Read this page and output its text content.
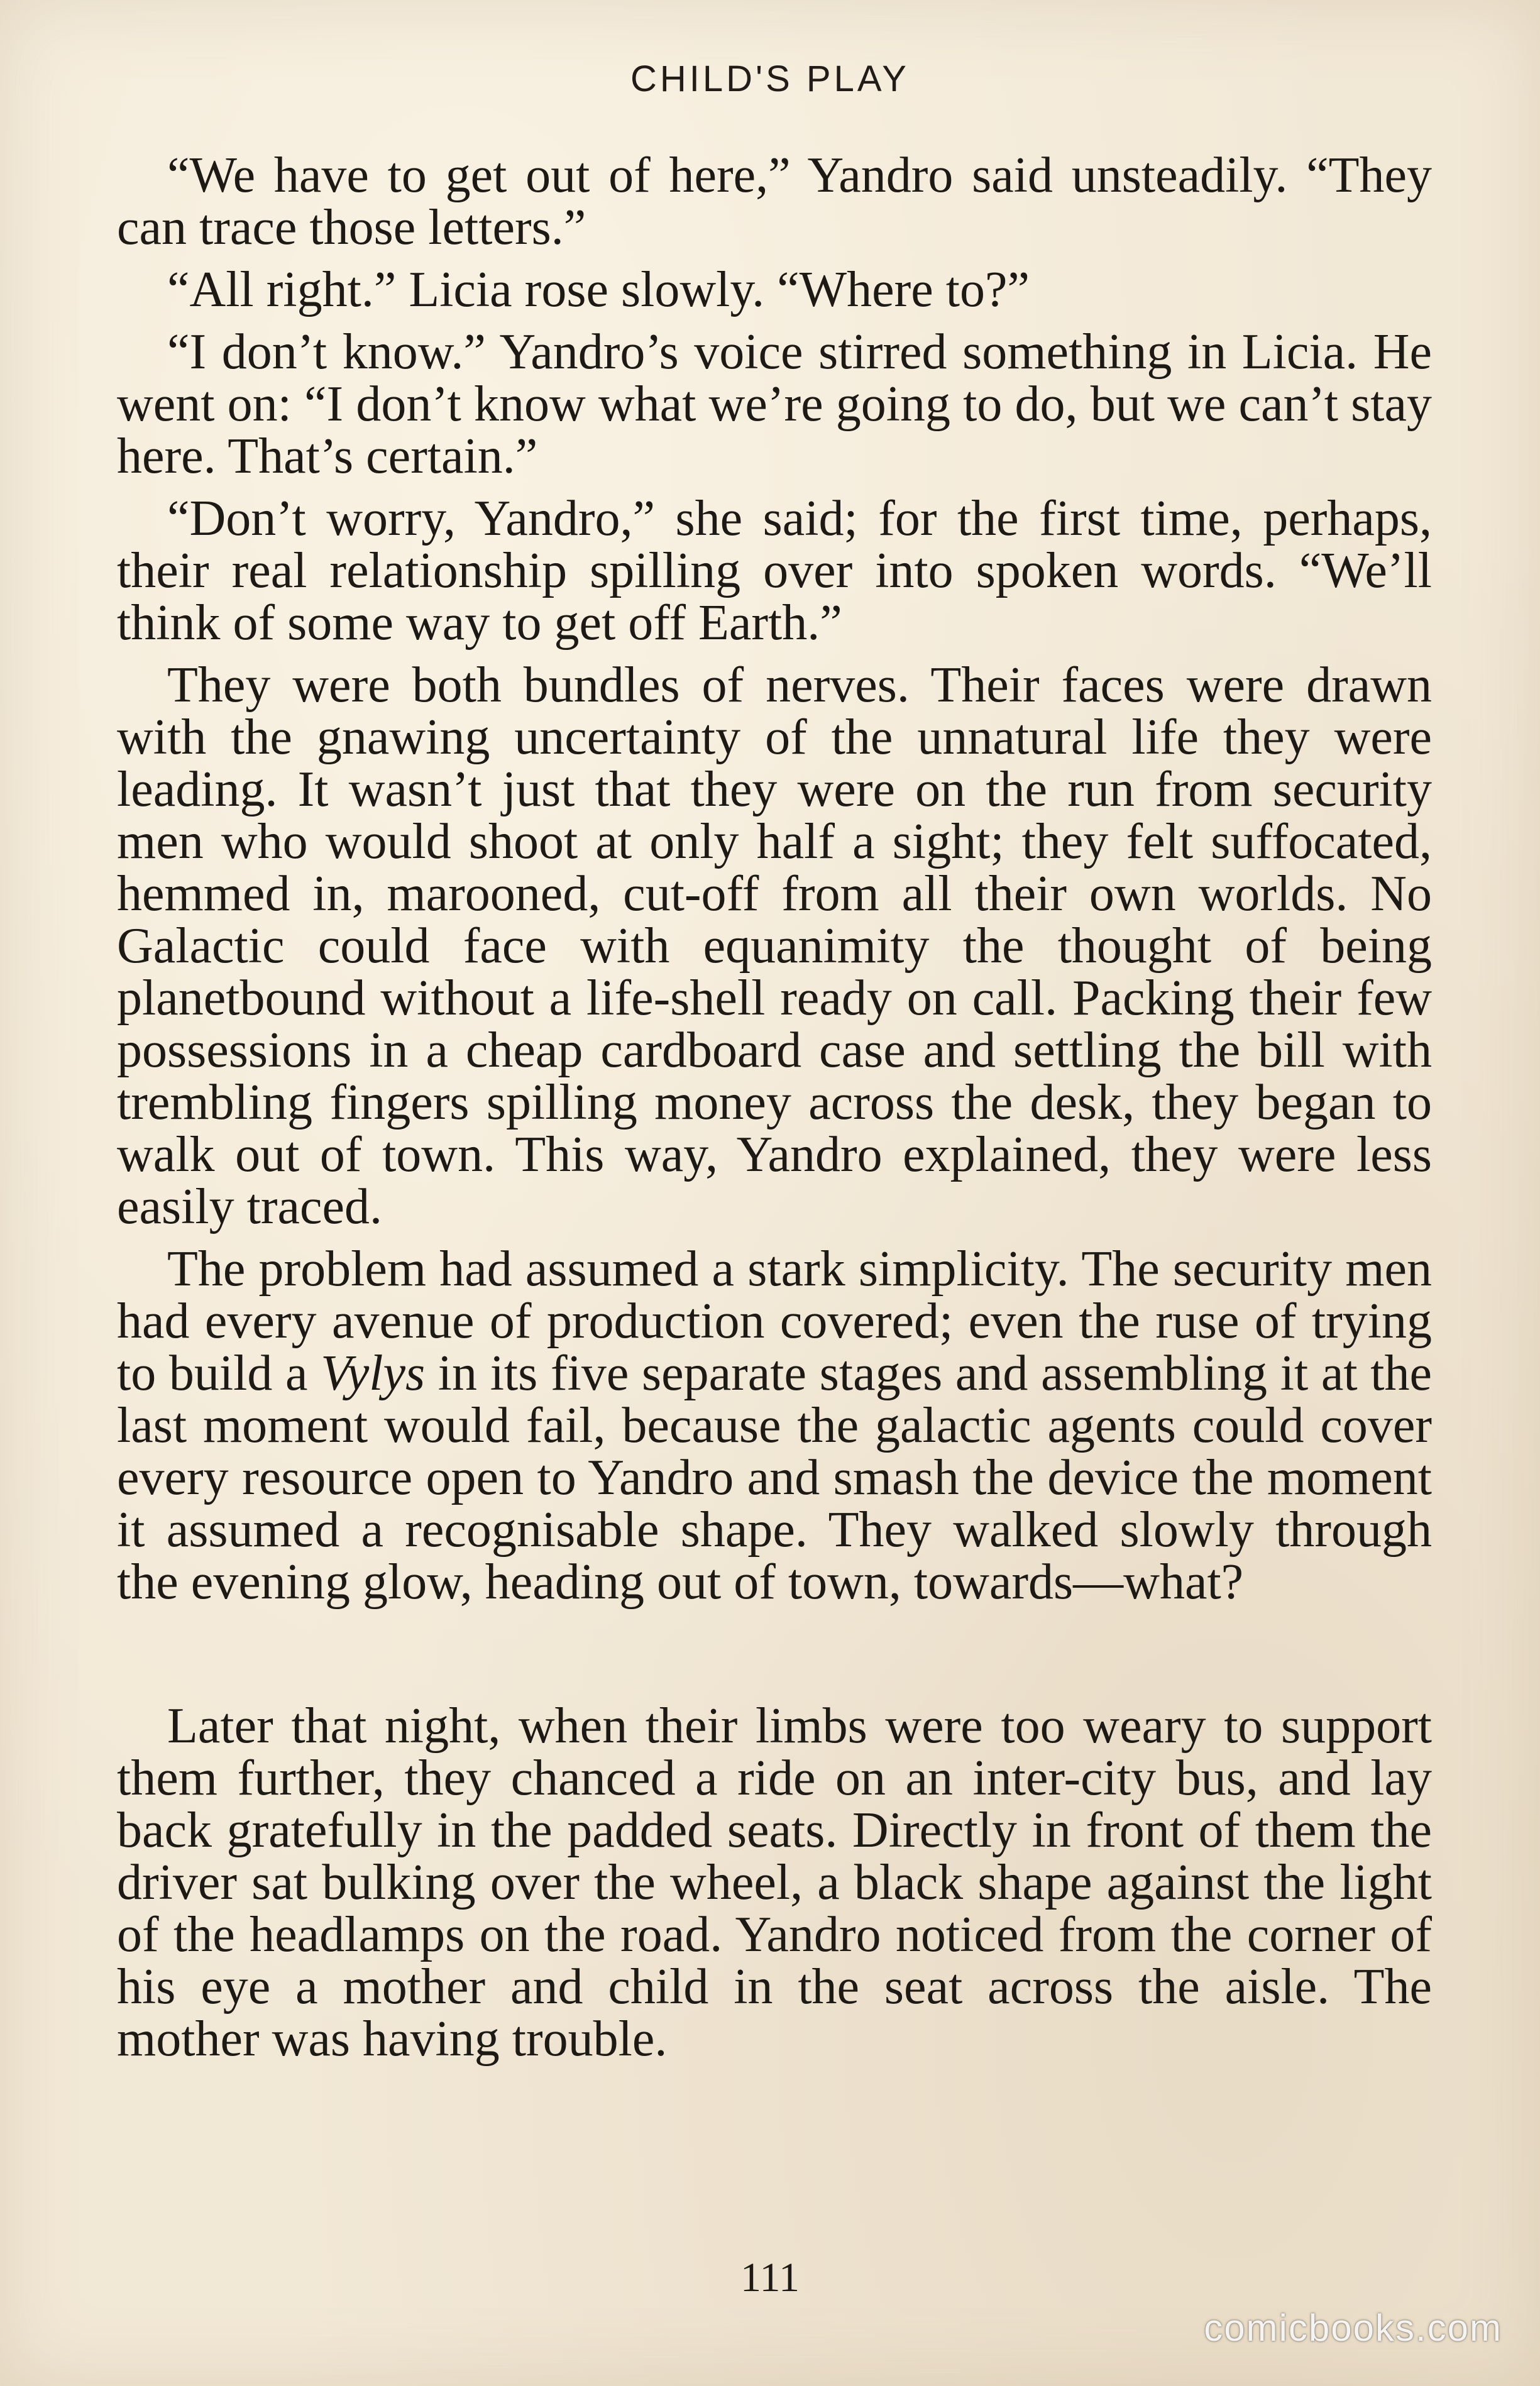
CHILD'S PLAY

“We have to get out of here,” Yandro said unsteadily. “They can trace those letters.”

“All right.” Licia rose slowly. “Where to?”

“I don’t know.” Yandro’s voice stirred something in Licia. He went on: “I don’t know what we’re going to do, but we can’t stay here. That’s certain.”

“Don’t worry, Yandro,” she said; for the first time, perhaps, their real relationship spilling over into spoken words. “We’ll think of some way to get off Earth.”

They were both bundles of nerves. Their faces were drawn with the gnawing uncertainty of the unnatural life they were leading. It wasn’t just that they were on the run from security men who would shoot at only half a sight; they felt suffocated, hemmed in, marooned, cut-off from all their own worlds. No Galactic could face with equanimity the thought of being planetbound without a life-shell ready on call. Packing their few possessions in a cheap cardboard case and settling the bill with trembling fingers spilling money across the desk, they began to walk out of town. This way, Yandro explained, they were less easily traced.

The problem had assumed a stark simplicity. The security men had every avenue of production covered; even the ruse of trying to build a Vylys in its five separate stages and assembling it at the last moment would fail, because the galactic agents could cover every resource open to Yandro and smash the device the moment it assumed a recognisable shape. They walked slowly through the evening glow, heading out of town, towards—what?

Later that night, when their limbs were too weary to support them further, they chanced a ride on an inter-city bus, and lay back gratefully in the padded seats. Directly in front of them the driver sat bulking over the wheel, a black shape against the light of the headlamps on the road. Yandro noticed from the corner of his eye a mother and child in the seat across the aisle. The mother was having trouble.

111
comicbooks.com
